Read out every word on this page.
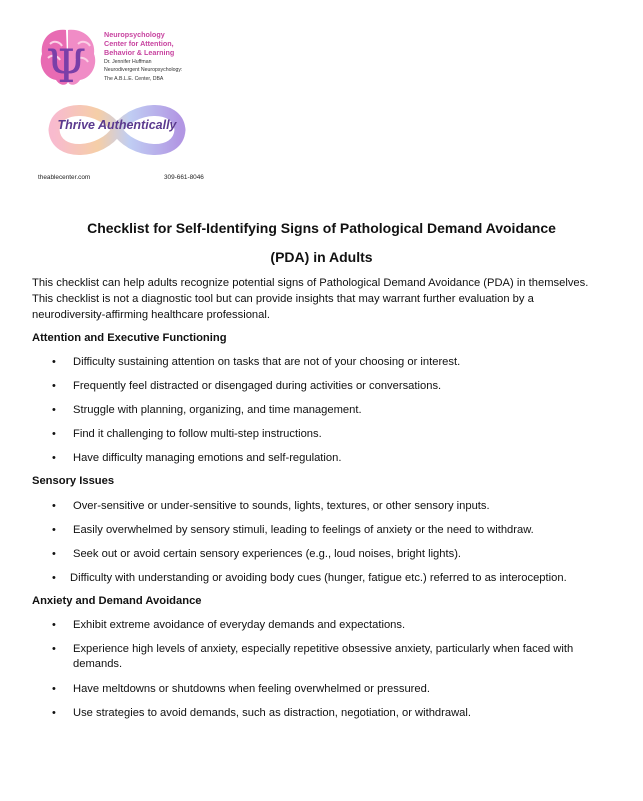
Ψ
Neuropsychology
Center for Attention,
Behavior & Learning
Dr. Jennifer Huffman
Neurodivergent Neuropsychology:
The A.B.L.E. Center, DBA
Thrive Authentically
theablecenter.com	309-661-8046
Checklist for Self-Identifying Signs of Pathological Demand Avoidance
(PDA) in Adults
This checklist can help adults recognize potential signs of Pathological Demand Avoidance (PDA) in themselves.
This checklist is not a diagnostic tool but can provide insights that may warrant further evaluation by a
neurodiversity-affirming healthcare professional.
Attention and Executive Functioning
• Difficulty sustaining attention on tasks that are not of your choosing or interest.
• Frequently feel distracted or disengaged during activities or conversations.
• Struggle with planning, organizing, and time management.
• Find it challenging to follow multi-step instructions.
• Have difficulty managing emotions and self-regulation.
Sensory Issues
• Over-sensitive or under-sensitive to sounds, lights, textures, or other sensory inputs.
• Easily overwhelmed by sensory stimuli, leading to feelings of anxiety or the need to withdraw.
• Seek out or avoid certain sensory experiences (e.g., loud noises, bright lights).
• Difficulty with understanding or avoiding body cues (hunger, fatigue etc.) referred to as interoception.
Anxiety and Demand Avoidance
• Exhibit extreme avoidance of everyday demands and expectations.
• Experience high levels of anxiety, especially repetitive obsessive anxiety, particularly when faced with demands.
• Have meltdowns or shutdowns when feeling overwhelmed or pressured.
• Use strategies to avoid demands, such as distraction, negotiation, or withdrawal.
